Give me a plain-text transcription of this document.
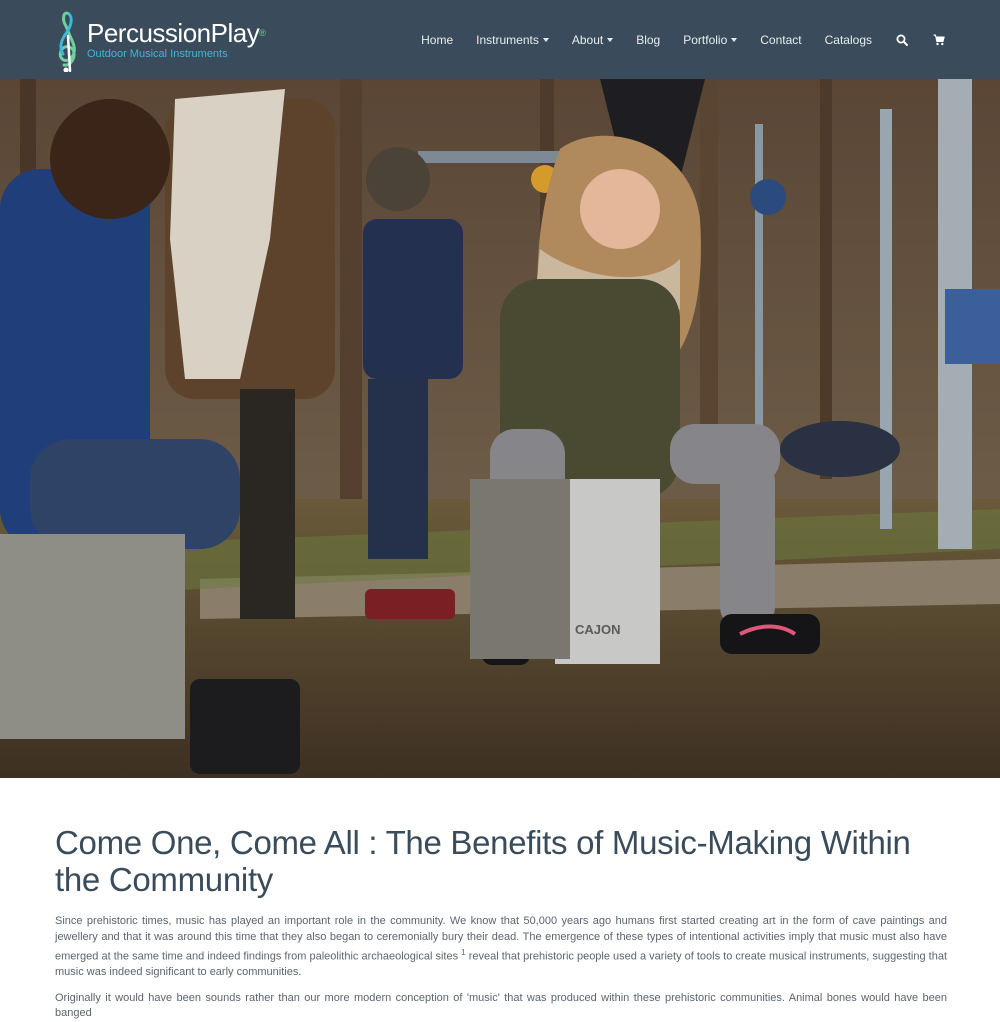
PercussionPlay®
Outdoor Musical Instruments
Home Instruments	About	Blog Portfolio	Contact Catalogs
CAJON
Come One, Come All : The Benefits of Music-Making Within the Community

Since prehistoric times, music has played an important role in the community. We know that 50,000 years ago humans first started creating art in the form of cave paintings and jewellery and that it was around this time that they also began to ceremonially bury their dead. The emergence of these types of intentional activities imply that music must also have emerged at the same time and indeed findings from paleolithic archaeological sites $^1$ reveal that prehistoric people used a variety of tools to create musical instruments, suggesting that music was indeed significant to early communities.

Originally it would have been sounds rather than our more modern conception of 'music' that was produced within these prehistoric communities. Animal bones would have been banged
